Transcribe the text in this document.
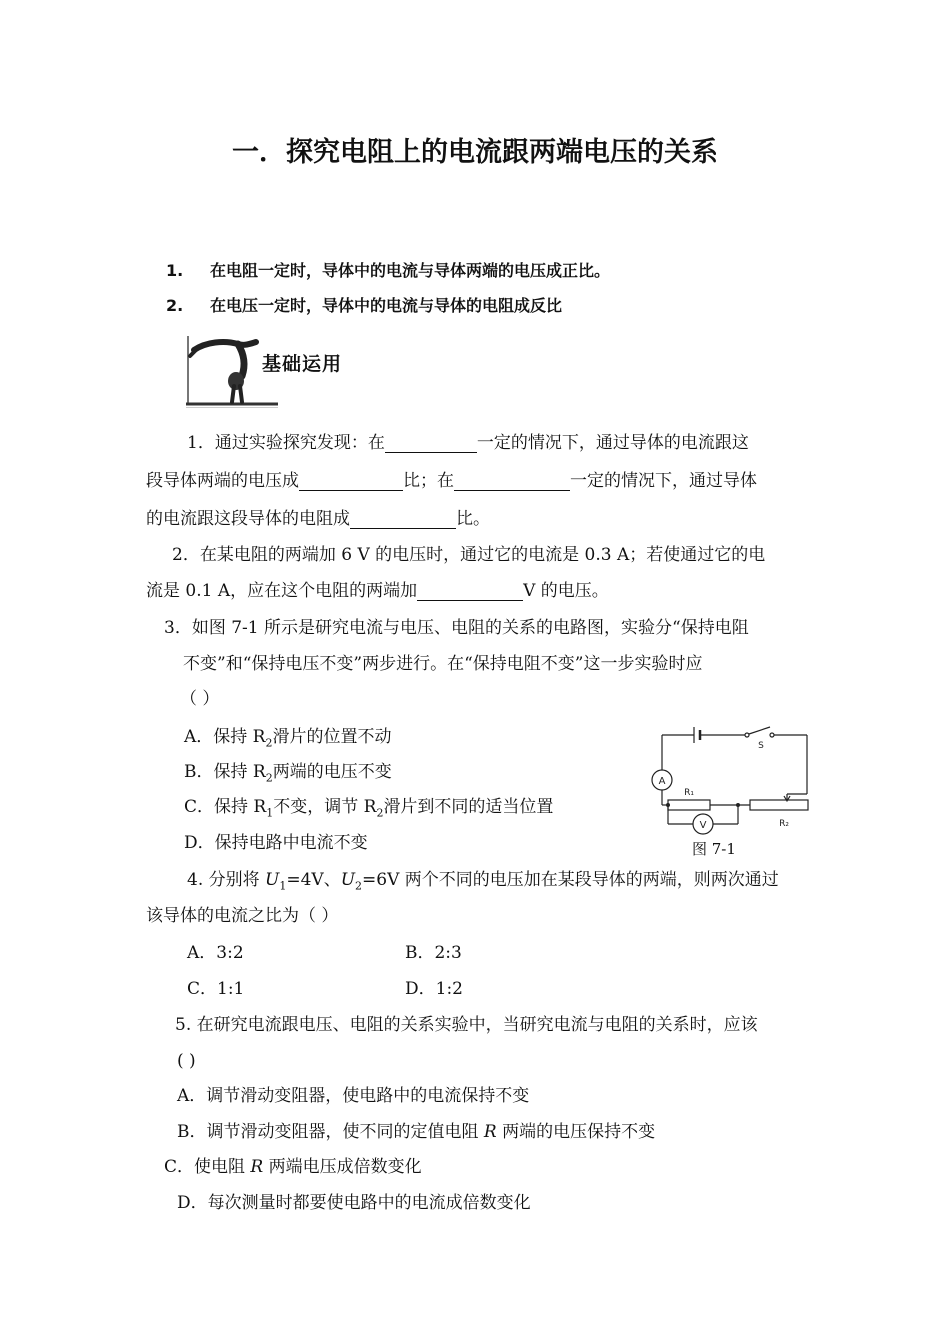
一．探究电阻上的电流跟两端电压的关系
1. 在电阻一定时，导体中的电流与导体两端的电压成正比。
2. 在电压一定时，导体中的电流与导体的电阻成反比
基础运用
1．通过实验探究发现：在	一定的情况下，通过导体的电流跟这
段导体两端的电压成	比；在	一定的情况下，通过导体
的电流跟这段导体的电阻成	比。
2．在某电阻的两端加 6 V 的电压时，通过它的电流是 0.3 A；若使通过它的电
流是 0.1 A，应在这个电阻的两端加	V 的电压。
3．如图 7-1 所示是研究电流与电压、电阻的关系的电路图，实验分“保持电阻
不变”和“保持电压不变”两步进行。在“保持电阻不变”这一步实验时应
（ ）
A．保持 $R_2$滑片的位置不动
B．保持 $R_2$两端的电压不变
C．保持 $R_1$不变，调节 $R_2$滑片到不同的适当位置
D．保持电路中电流不变
A
V
S
R₁
R₂
图 7-1
4. 分别将 $U_1=4V$、$U_2=6V$ 两个不同的电压加在某段导体的两端，则两次通过
该导体的电流之比为（ ）
A．3:2	B．2:3
C．1:1	D．1:2
5. 在研究电流跟电压、电阻的关系实验中，当研究电流与电阻的关系时，应该
( )
A．调节滑动变阻器，使电路中的电流保持不变
B．调节滑动变阻器，使不同的定值电阻 R 两端的电压保持不变
C．使电阻 R 两端电压成倍数变化
D．每次测量时都要使电路中的电流成倍数变化
